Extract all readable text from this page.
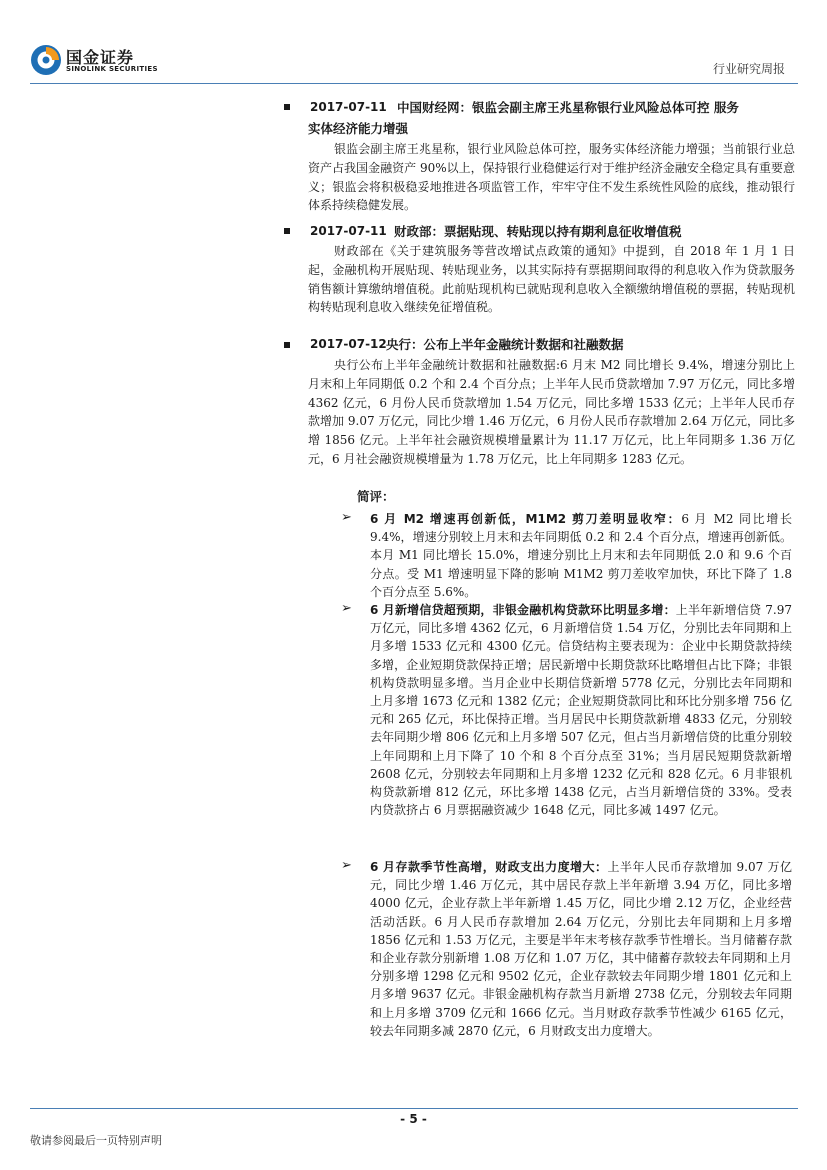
国金证券
SINOLINK SECURITIES	行业研究周报
2017-07-11 中国财经网：银监会副主席王兆星称银行业风险总体可控 服务
实体经济能力增强
银监会副主席王兆星称，银行业风险总体可控，服务实体经济能力增强；当前银行业总资产占我国金融资产 90%以上，保持银行业稳健运行对于维护经济金融安全稳定具有重要意义；银监会将积极稳妥地推进各项监管工作，牢牢守住不发生系统性风险的底线，推动银行体系持续稳健发展。
2017-07-11 财政部：票据贴现、转贴现以持有期利息征收增值税
财政部在《关于建筑服务等营改增试点政策的通知》中提到，自 2018 年 1 月 1 日起，金融机构开展贴现、转贴现业务，以其实际持有票据期间取得的利息收入作为贷款服务销售额计算缴纳增值税。此前贴现机构已就贴现利息收入全额缴纳增值税的票据，转贴现机构转贴现利息收入继续免征增值税。
2017-07-12 央行：公布上半年金融统计数据和社融数据
央行公布上半年金融统计数据和社融数据:6 月末 M2 同比增长 9.4%，增速分别比上月末和上年同期低 0.2 个和 2.4 个百分点；上半年人民币贷款增加 7.97 万亿元，同比多增 4362 亿元，6 月份人民币贷款增加 1.54 万亿元，同比多增 1533 亿元；上半年人民币存款增加 9.07 万亿元，同比少增 1.46 万亿元，6 月份人民币存款增加 2.64 万亿元，同比多增 1856 亿元。上半年社会融资规模增量累计为 11.17 万亿元，比上年同期多 1.36 万亿元，6 月社会融资规模增量为 1.78 万亿元，比上年同期多 1283 亿元。
简评：
➢ 6 月 M2 增速再创新低，M1M2 剪刀差明显收窄：6 月 M2 同比增长 9.4%，增速分别较上月末和去年同期低 0.2 和 2.4 个百分点，增速再创新低。本月 M1 同比增长 15.0%，增速分别比上月末和去年同期低 2.0 和 9.6 个百分点。受 M1 增速明显下降的影响 M1M2 剪刀差收窄加快，环比下降了 1.8 个百分点至 5.6%。
➢ 6 月新增信贷超预期，非银金融机构贷款环比明显多增：上半年新增信贷 7.97 万亿元，同比多增 4362 亿元，6 月新增信贷 1.54 万亿，分别比去年同期和上月多增 1533 亿元和 4300 亿元。信贷结构主要表现为：企业中长期贷款持续多增，企业短期贷款保持正增；居民新增中长期贷款环比略增但占比下降；非银机构贷款明显多增。当月企业中长期信贷新增 5778 亿元，分别比去年同期和上月多增 1673 亿元和 1382 亿元；企业短期贷款同比和环比分别多增 756 亿元和 265 亿元，环比保持正增。当月居民中长期贷款新增 4833 亿元，分别较去年同期少增 806 亿元和上月多增 507 亿元，但占当月新增信贷的比重分别较上年同期和上月下降了 10 个和 8 个百分点至 31%；当月居民短期贷款新增 2608 亿元，分别较去年同期和上月多增 1232 亿元和 828 亿元。6 月非银机构贷款新增 812 亿元，环比多增 1438 亿元，占当月新增信贷的 33%。受表内贷款挤占 6 月票据融资减少 1648 亿元，同比多减 1497 亿元。
➢ 6 月存款季节性高增，财政支出力度增大：上半年人民币存款增加 9.07 万亿元，同比少增 1.46 万亿元，其中居民存款上半年新增 3.94 万亿，同比多增 4000 亿元，企业存款上半年新增 1.45 万亿，同比少增 2.12 万亿，企业经营活动活跃。6 月人民币存款增加 2.64 万亿元，分别比去年同期和上月多增 1856 亿元和 1.53 万亿元，主要是半年末考核存款季节性增长。当月储蓄存款和企业存款分别新增 1.08 万亿和 1.07 万亿，其中储蓄存款较去年同期和上月分别多增 1298 亿元和 9502 亿元，企业存款较去年同期少增 1801 亿元和上月多增 9637 亿元。非银金融机构存款当月新增 2738 亿元，分别较去年同期和上月多增 3709 亿元和 1666 亿元。当月财政存款季节性减少 6165 亿元，较去年同期多减 2870 亿元，6 月财政支出力度增大。
- 5 -
敬请参阅最后一页特别声明
